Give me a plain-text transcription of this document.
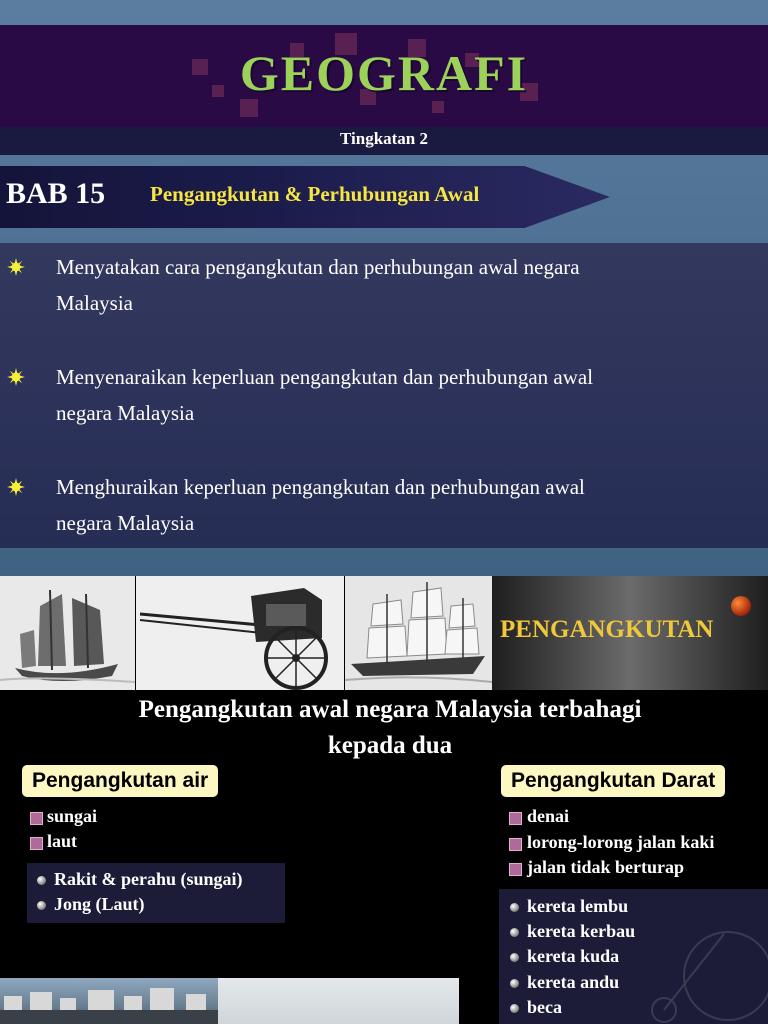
GEOGRAFI
Tingkatan 2
BAB 15 Pengangkutan & Perhubungan Awal
Menyatakan cara pengangkutan dan perhubungan awal negara
Malaysia
Menyenaraikan keperluan pengangkutan dan perhubungan awal
negara Malaysia
Menghuraikan keperluan pengangkutan dan perhubungan awal
negara Malaysia
PENGANGKUTAN
Pengangkutan awal negara Malaysia terbahagi
kepada dua
Pengangkutan air
sungai
laut
Rakit & perahu (sungai)
Jong (Laut)
Pengangkutan Darat
denai
lorong-lorong jalan kaki
jalan tidak berturap
kereta lembu
kereta kerbau
kereta kuda
kereta andu
beca
